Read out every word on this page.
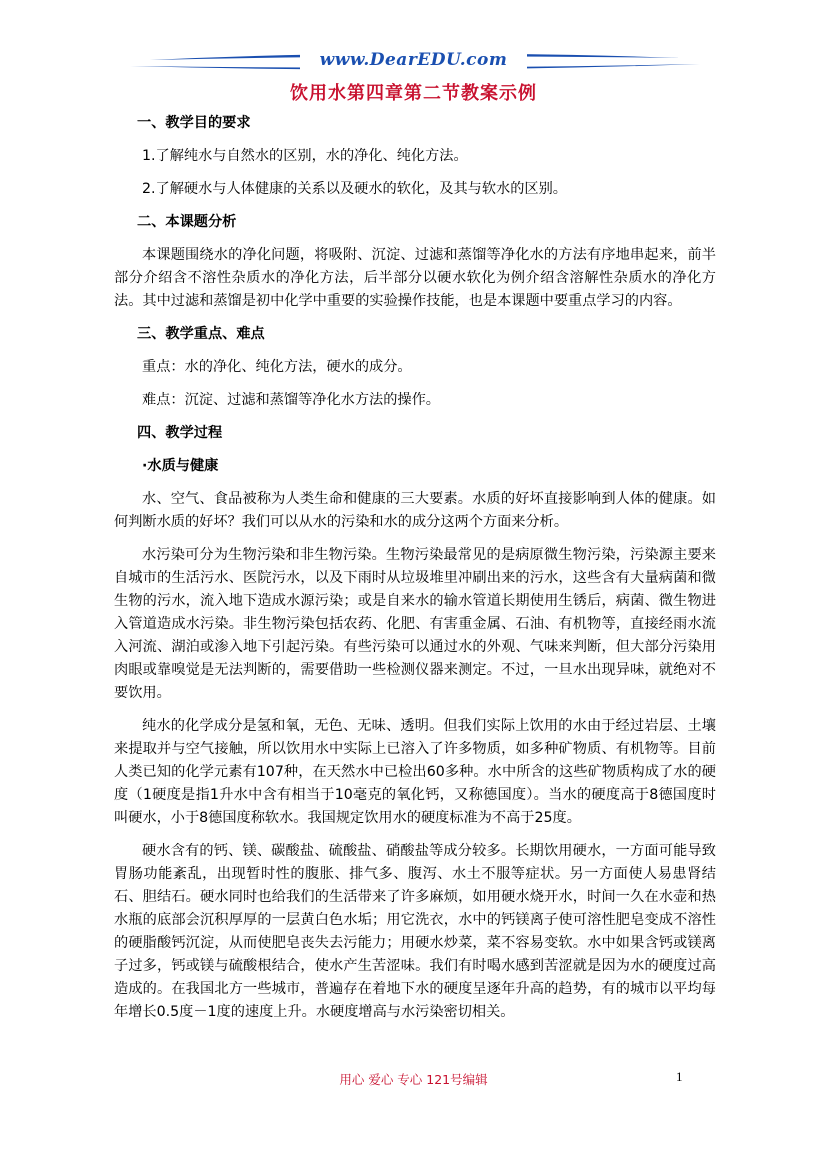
www.DearEDU.com
饮用水第四章第二节教案示例
一、教学目的要求
1.了解纯水与自然水的区别，水的净化、纯化方法。
2.了解硬水与人体健康的关系以及硬水的软化，及其与软水的区别。
二、本课题分析
本课题围绕水的净化问题，将吸附、沉淀、过滤和蒸馏等净化水的方法有序地串起来，前半部分介绍含不溶性杂质水的净化方法，后半部分以硬水软化为例介绍含溶解性杂质水的净化方法。其中过滤和蒸馏是初中化学中重要的实验操作技能，也是本课题中要重点学习的内容。
三、教学重点、难点
重点：水的净化、纯化方法，硬水的成分。
难点：沉淀、过滤和蒸馏等净化水方法的操作。
四、教学过程
·水质与健康
水、空气、食品被称为人类生命和健康的三大要素。水质的好坏直接影响到人体的健康。如何判断水质的好坏？我们可以从水的污染和水的成分这两个方面来分析。
水污染可分为生物污染和非生物污染。生物污染最常见的是病原微生物污染，污染源主要来自城市的生活污水、医院污水，以及下雨时从垃圾堆里冲刷出来的污水，这些含有大量病菌和微生物的污水，流入地下造成水源污染；或是自来水的输水管道长期使用生锈后，病菌、微生物进入管道造成水污染。非生物污染包括农药、化肥、有害重金属、石油、有机物等，直接经雨水流入河流、湖泊或渗入地下引起污染。有些污染可以通过水的外观、气味来判断，但大部分污染用肉眼或靠嗅觉是无法判断的，需要借助一些检测仪器来测定。不过，一旦水出现异味，就绝对不要饮用。
纯水的化学成分是氢和氧，无色、无味、透明。但我们实际上饮用的水由于经过岩层、土壤来提取并与空气接触，所以饮用水中实际上已溶入了许多物质，如多种矿物质、有机物等。目前人类已知的化学元素有107种，在天然水中已检出60多种。水中所含的这些矿物质构成了水的硬度（1硬度是指1升水中含有相当于10毫克的氧化钙，又称德国度）。当水的硬度高于8德国度时叫硬水，小于8德国度称软水。我国规定饮用水的硬度标准为不高于25度。
硬水含有的钙、镁、碳酸盐、硫酸盐、硝酸盐等成分较多。长期饮用硬水，一方面可能导致胃肠功能紊乱，出现暂时性的腹胀、排气多、腹泻、水土不服等症状。另一方面使人易患肾结石、胆结石。硬水同时也给我们的生活带来了许多麻烦，如用硬水烧开水，时间一久在水壶和热水瓶的底部会沉积厚厚的一层黄白色水垢；用它洗衣，水中的钙镁离子使可溶性肥皂变成不溶性的硬脂酸钙沉淀，从而使肥皂丧失去污能力；用硬水炒菜，菜不容易变软。水中如果含钙或镁离子过多，钙或镁与硫酸根结合，使水产生苦涩味。我们有时喝水感到苦涩就是因为水的硬度过高造成的。在我国北方一些城市，普遍存在着地下水的硬度呈逐年升高的趋势，有的城市以平均每年增长0.5度－1度的速度上升。水硬度增高与水污染密切相关。
用心 爱心 专心 121号编辑	1
